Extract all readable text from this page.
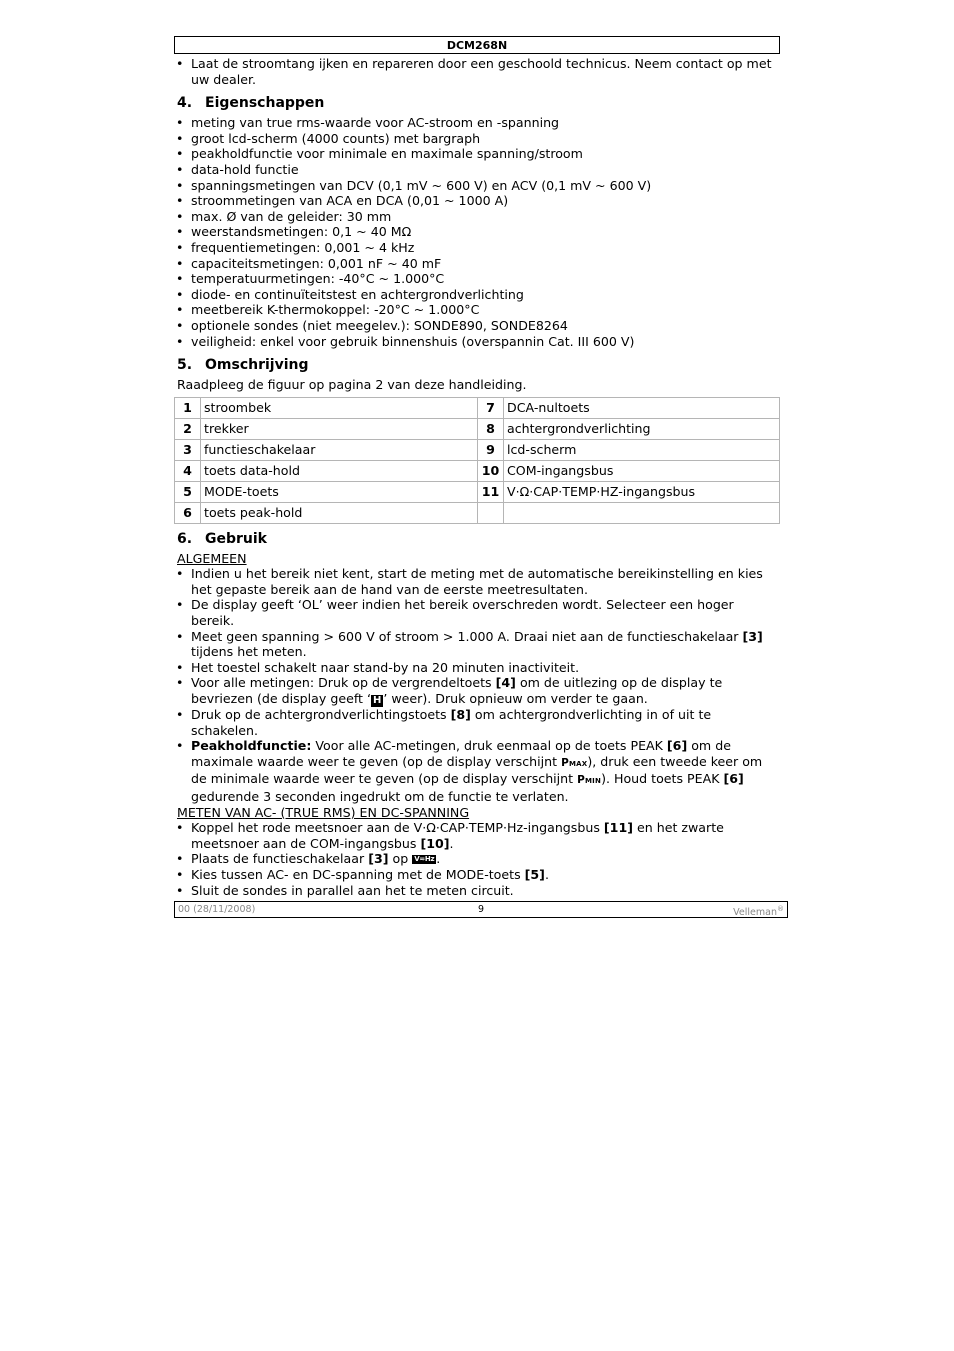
DCM268N
• Laat de stroomtang ijken en repareren door een geschoold technicus. Neem contact op met uw dealer.
4. Eigenschappen
• meting van true rms-waarde voor AC-stroom en -spanning
• groot lcd-scherm (4000 counts) met bargraph
• peakholdfunctie voor minimale en maximale spanning/stroom
• data-hold functie
• spanningsmetingen van DCV (0,1 mV ~ 600 V) en ACV (0,1 mV ~ 600 V)
• stroommetingen van ACA en DCA (0,01 ~ 1000 A)
• max. Ø van de geleider: 30 mm
• weerstandsmetingen: 0,1 ~ 40 MΩ
• frequentiemetingen: 0,001 ~ 4 kHz
• capaciteitsmetingen: 0,001 nF ~ 40 mF
• temperatuurmetingen: -40°C ~ 1.000°C
• diode- en continuïteitstest en achtergrondverlichting
• meetbereik K-thermokoppel: -20°C ~ 1.000°C
• optionele sondes (niet meegelev.): SONDE890, SONDE8264
• veiligheid: enkel voor gebruik binnenshuis (overspannin Cat. III 600 V)
5. Omschrijving
Raadpleeg de figuur op pagina 2 van deze handleiding.
1	stroombek	7	DCA-nultoets
2	trekker	8	achtergrondverlichting
3	functieschakelaar	9	lcd-scherm
4	toets data-hold	10	COM-ingangsbus
5	MODE-toets	11	V·Ω·CAP·TEMP·HZ-ingangsbus
6	toets peak-hold		
6. Gebruik
ALGEMEEN
• Indien u het bereik niet kent, start de meting met de automatische bereikinstelling en kies het gepaste bereik aan de hand van de eerste meetresultaten.
• De display geeft ‘OL’ weer indien het bereik overschreden wordt. Selecteer een hoger bereik.
• Meet geen spanning > 600 V of stroom > 1.000 A. Draai niet aan de functieschakelaar [3] tijdens het meten.
• Het toestel schakelt naar stand-by na 20 minuten inactiviteit.
• Voor alle metingen: Druk op de vergrendeltoets [4] om de uitlezing op de display te bevriezen (de display geeft ‘ H ’ weer). Druk opnieuw om verder te gaan.
• Druk op de achtergrondverlichtingstoets [8] om achtergrondverlichting in of uit te schakelen.
• Peakholdfunctie: Voor alle AC-metingen, druk eenmaal op de toets PEAK [6] om de maximale waarde weer te geven (op de display verschijnt Pmax), druk een tweede keer om de minimale waarde weer te geven (op de display verschijnt Pmin). Houd toets PEAK [6] gedurende 3 seconden ingedrukt om de functie te verlaten.
METEN VAN AC- (TRUE RMS) EN DC-SPANNING
• Koppel het rode meetsnoer aan de V·Ω·CAP·TEMP·Hz-ingangsbus [11] en het zwarte meetsnoer aan de COM-ingangsbus [10].
• Plaats de functieschakelaar [3] op V≂Hz .
• Kies tussen AC- en DC-spanning met de MODE-toets [5].
• Sluit de sondes in parallel aan het te meten circuit.
00 (28/11/2008)	9	Velleman®
